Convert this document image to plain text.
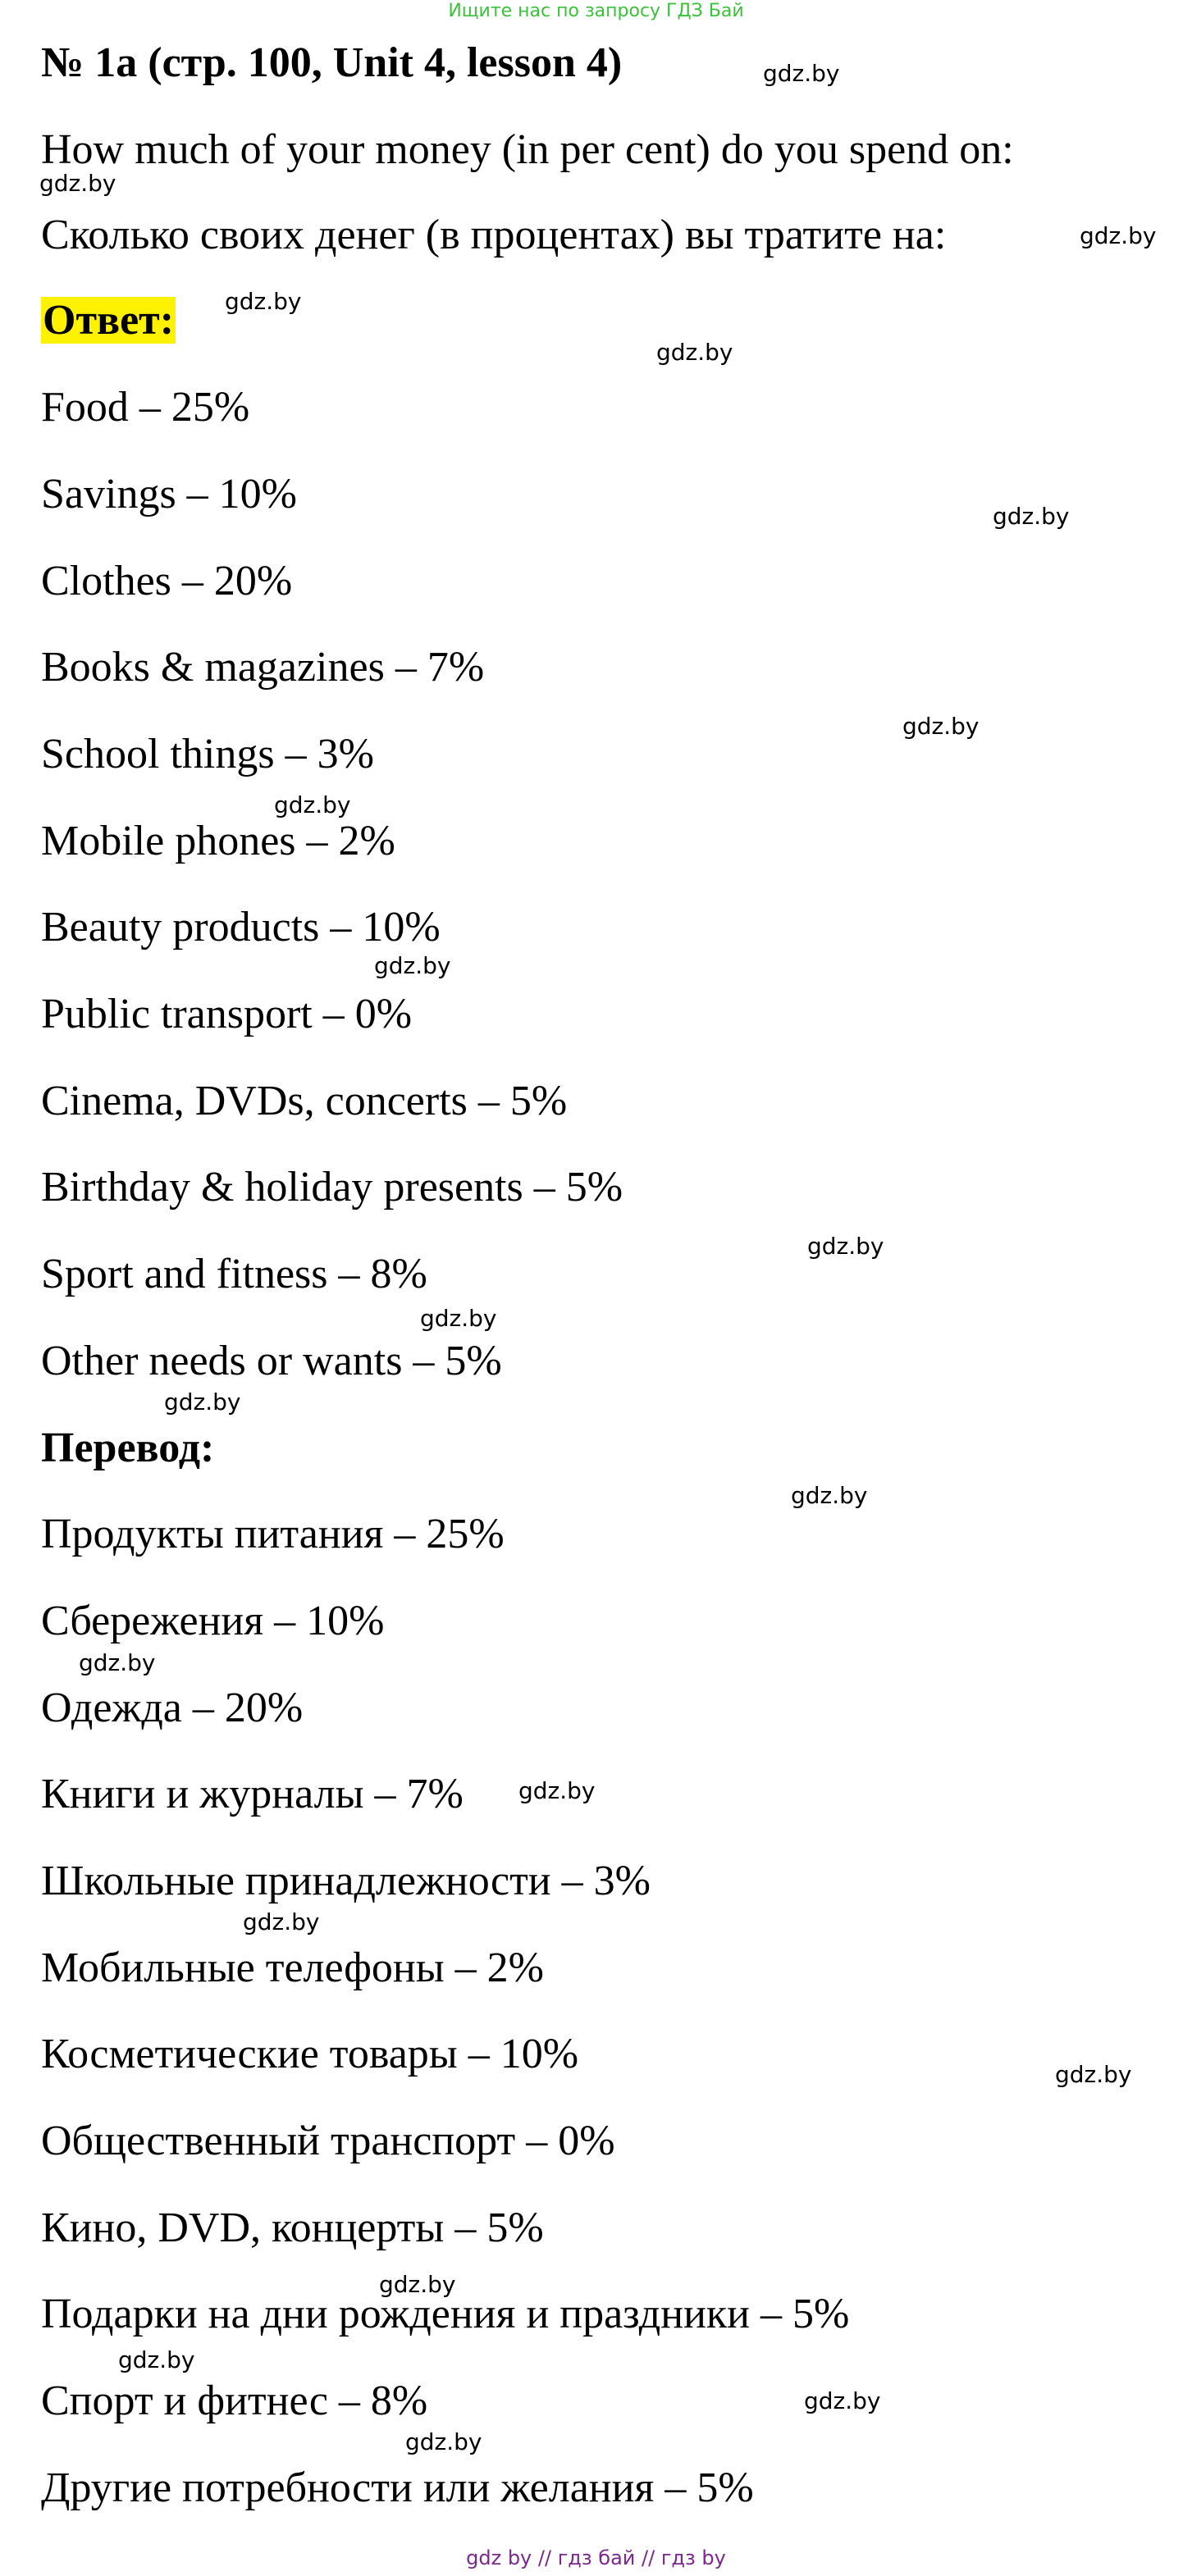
Ищите нас по запросу ГДЗ Бай
№ 1a (стр. 100, Unit 4, lesson 4)
How much of your money (in per cent) do you spend on:
Сколько своих денег (в процентах) вы тратите на:
Ответ:
Food – 25%
Savings – 10%
Clothes – 20%
Books & magazines – 7%
School things – 3%
Mobile phones – 2%
Beauty products – 10%
Public transport – 0%
Cinema, DVDs, concerts – 5%
Birthday & holiday presents – 5%
Sport and fitness – 8%
Other needs or wants – 5%
Перевод:
Продукты питания – 25%
Сбережения – 10%
Одежда – 20%
Книги и журналы – 7%
Школьные принадлежности – 3%
Мобильные телефоны – 2%
Косметические товары – 10%
Общественный транспорт – 0%
Кино, DVD, концерты – 5%
Подарки на дни рождения и праздники – 5%
Спорт и фитнес – 8%
Другие потребности или желания – 5%
gdz.by
gdz.by
gdz.by
gdz.by
gdz.by
gdz.by
gdz.by
gdz.by
gdz.by
gdz.by
gdz.by
gdz.by
gdz.by
gdz.by
gdz.by
gdz.by
gdz.by
gdz.by
gdz.by
gdz.by
gdz.by
gdz by // гдз бай // гдз by
